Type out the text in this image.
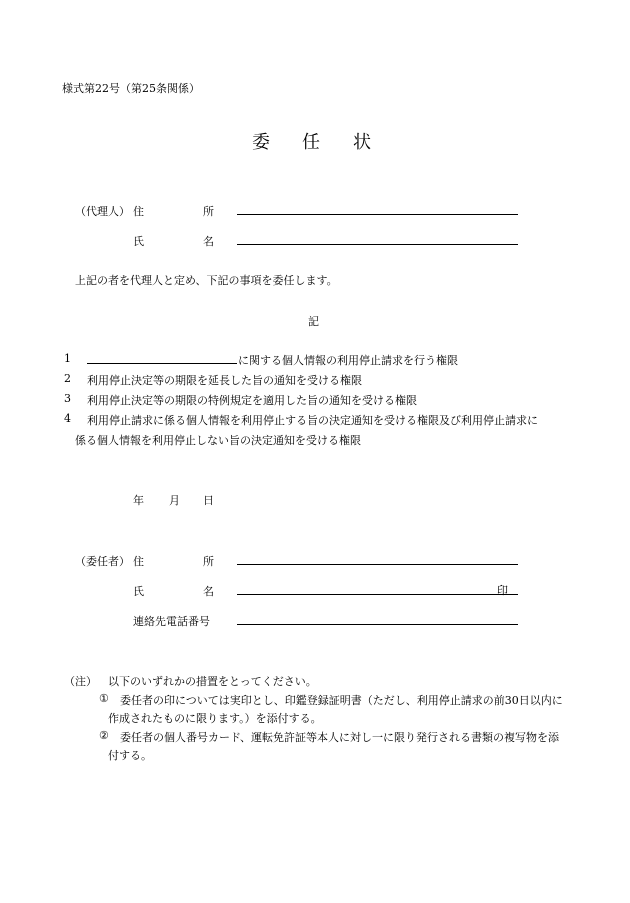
様式第22号（第25条関係）
委 任 状
（代理人） 住	所
氏	名
上記の者を代理人と定め、下記の事項を委任します。
記
1	に関する個人情報の利用停止請求を行う権限
2 利用停止決定等の期限を延長した旨の通知を受ける権限
3 利用停止決定等の期限の特例規定を適用した旨の通知を受ける権限
4 利用停止請求に係る個人情報を利用停止する旨の決定通知を受ける権限及び利用停止請求に
係る個人情報を利用停止しない旨の決定通知を受ける権限
年 月 日
（委任者） 住	所
氏	名	印
連絡先電話番号
（注） 以下のいずれかの措置をとってください。
① 委任者の印については実印とし、印鑑登録証明書（ただし、利用停止請求の前30日以内に
作成されたものに限ります。）を添付する。
② 委任者の個人番号カード、運転免許証等本人に対し一に限り発行される書類の複写物を添
付する。
